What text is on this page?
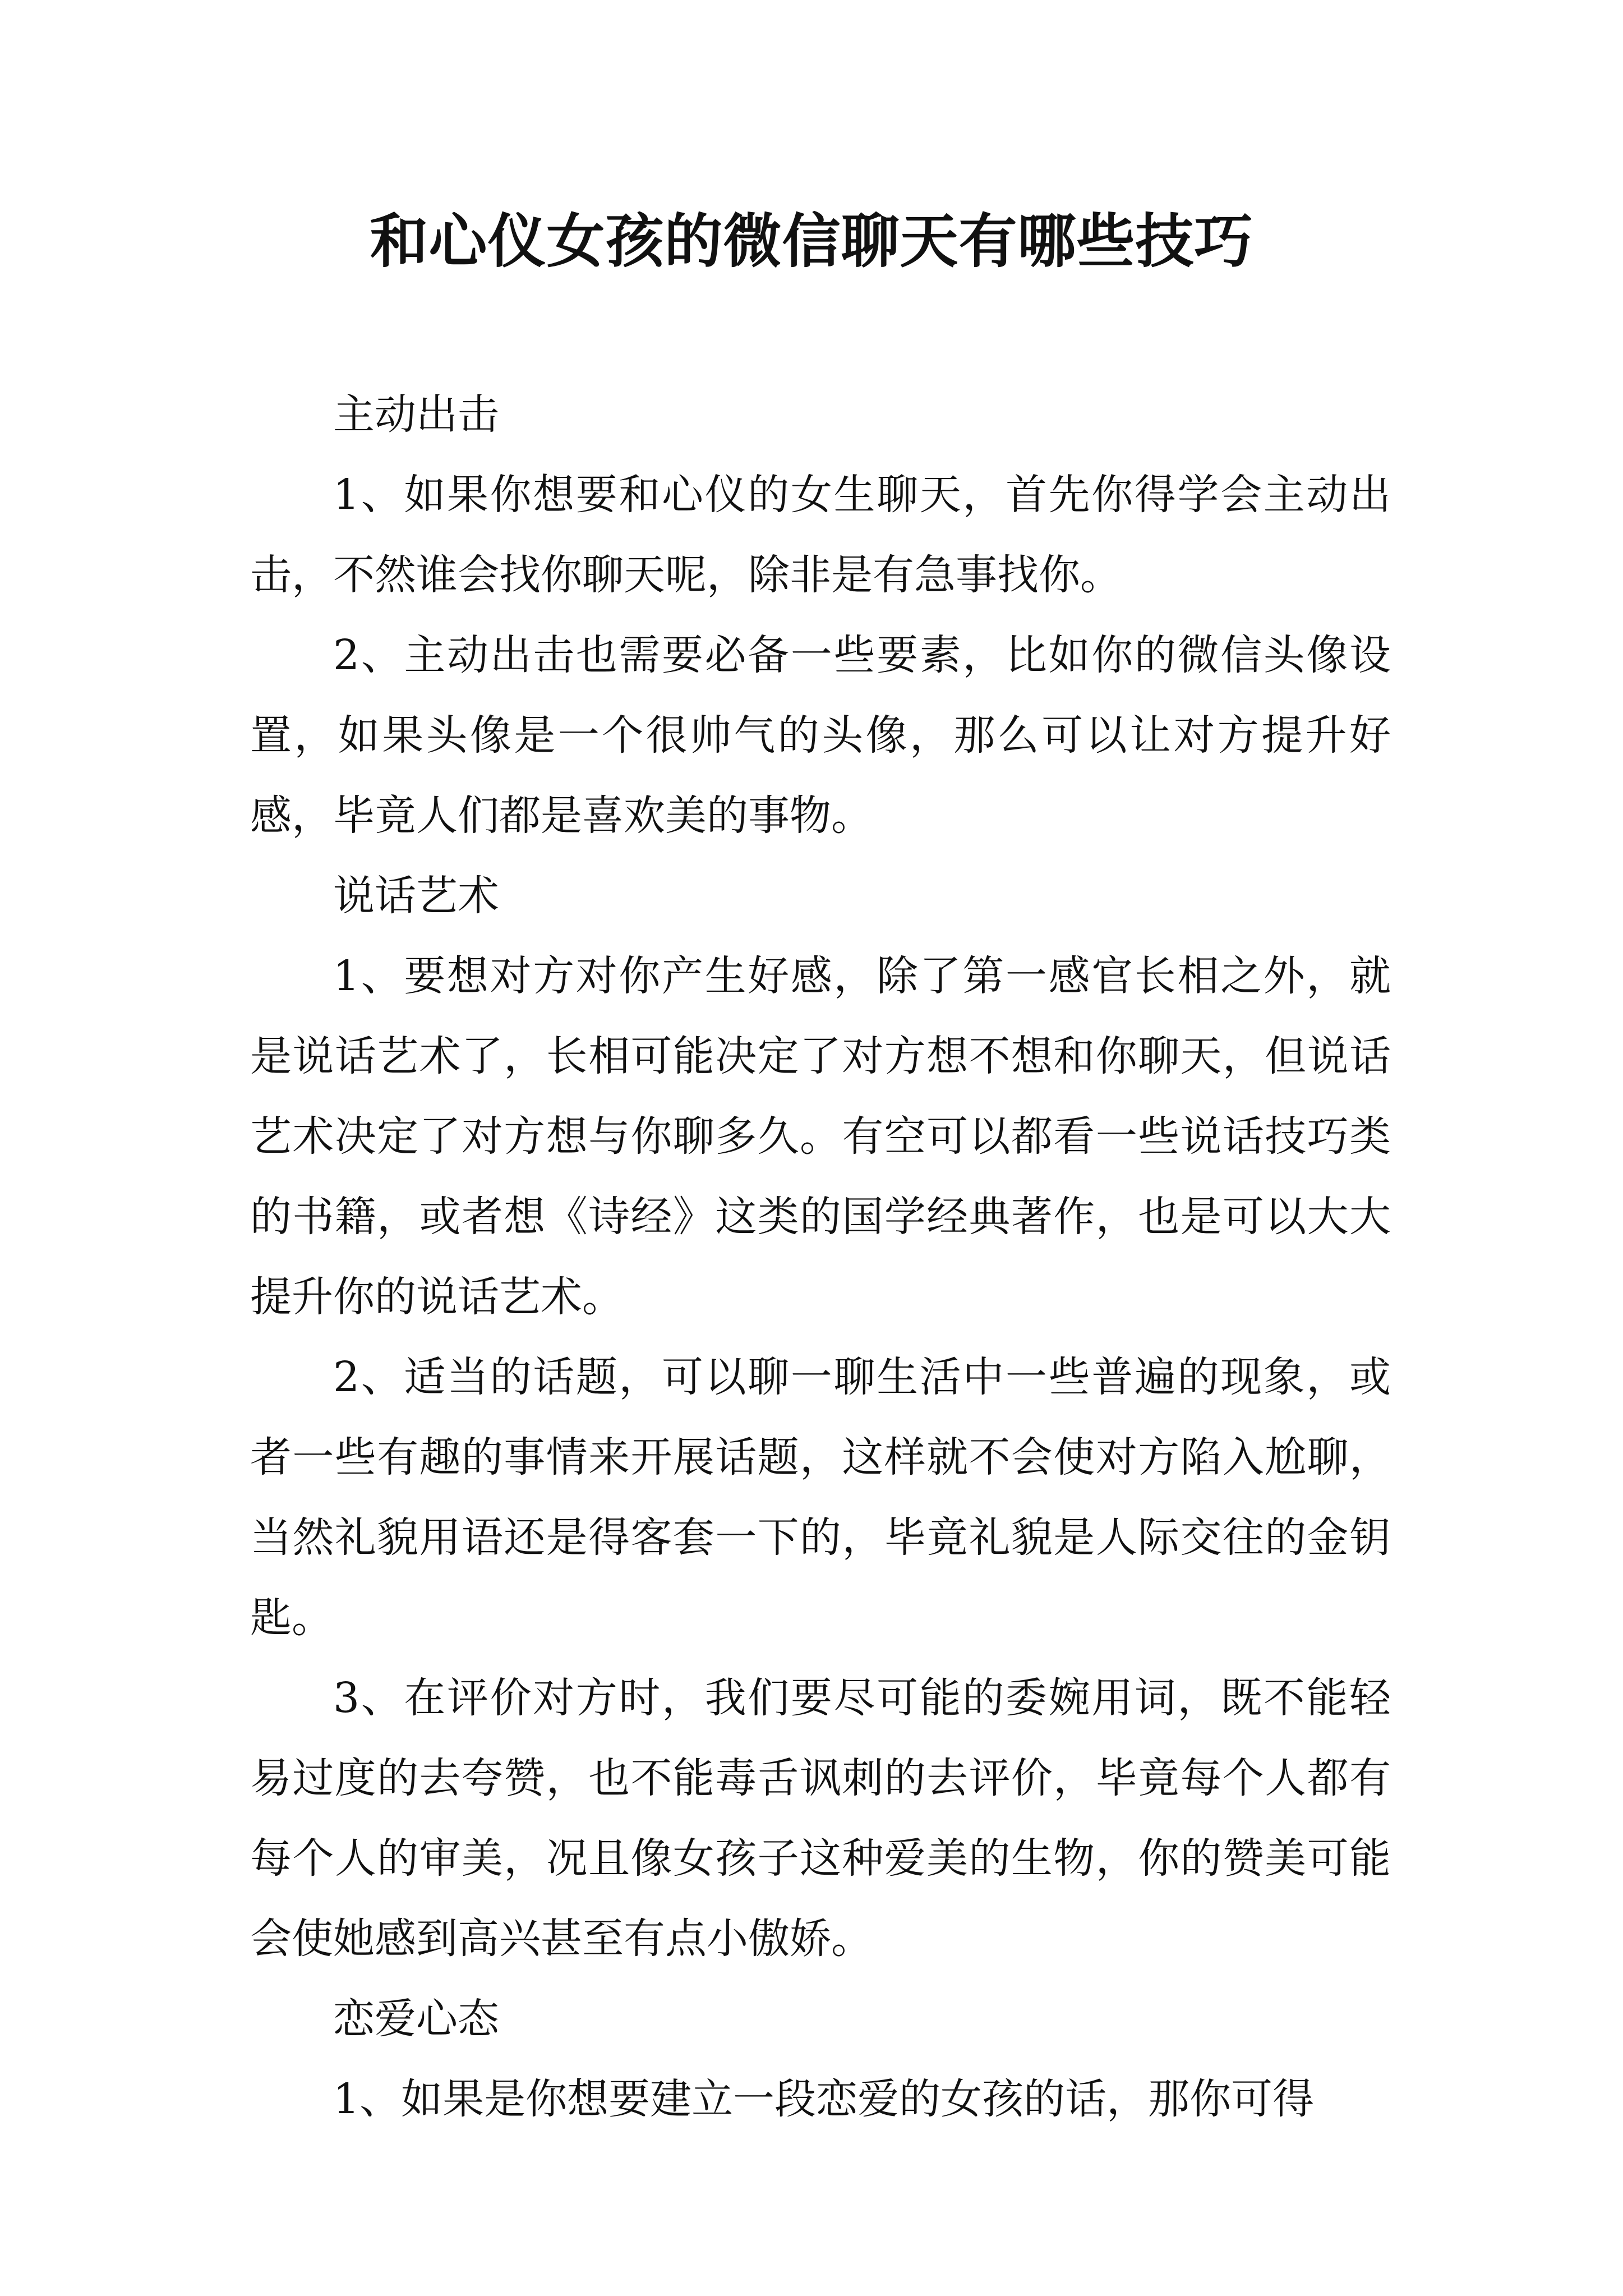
和心仪女孩的微信聊天有哪些技巧

主动出击

1、如果你想要和心仪的女生聊天，首先你得学会主动出击，不然谁会找你聊天呢，除非是有急事找你。

2、主动出击也需要必备一些要素，比如你的微信头像设置，如果头像是一个很帅气的头像，那么可以让对方提升好感，毕竟人们都是喜欢美的事物。

说话艺术

1、要想对方对你产生好感，除了第一感官长相之外，就是说话艺术了，长相可能决定了对方想不想和你聊天，但说话艺术决定了对方想与你聊多久。有空可以都看一些说话技巧类的书籍，或者想《诗经》这类的国学经典著作，也是可以大大提升你的说话艺术。

2、适当的话题，可以聊一聊生活中一些普遍的现象，或者一些有趣的事情来开展话题，这样就不会使对方陷入尬聊，当然礼貌用语还是得客套一下的，毕竟礼貌是人际交往的金钥匙。

3、在评价对方时，我们要尽可能的委婉用词，既不能轻易过度的去夸赞，也不能毒舌讽刺的去评价，毕竟每个人都有每个人的审美，况且像女孩子这种爱美的生物，你的赞美可能会使她感到高兴甚至有点小傲娇。

恋爱心态

1、如果是你想要建立一段恋爱的女孩的话，那你可得
